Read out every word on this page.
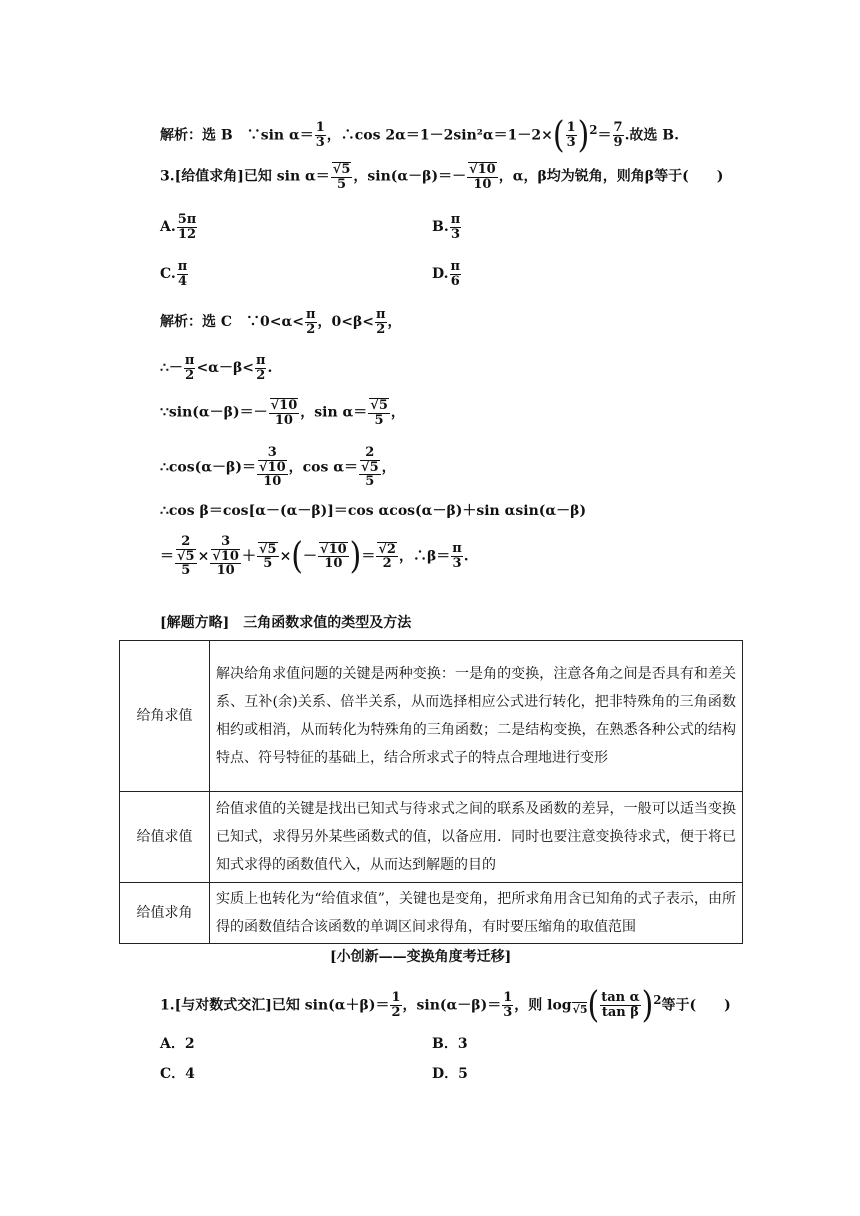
解析：选 B　∵sin $\alpha= \frac{1}{3}$ ，∴cos $2\alpha=1-2\sin^2\alpha=1-2\times( \frac{1}{3} )^2= \frac{7}{9}$ .故选 B.
3.[给值求角]已知 sin α＝ √ $\frac{5}{5}$ ，sin(α－β)＝－ √ $\frac{10}{10}$ ，α，β均为锐角，则角β等于(　　)
A. $\frac{5\pi}{12}$	B. $\frac{\pi}{3}$
C. $\frac{\pi}{4}$	D. $\frac{\pi}{6}$
解析：选 C　∵0<α< $\frac{\pi}{2}$ ，$0<\beta< \frac{\pi}{2}$ ，
∴－ $\frac{\pi}{2} <\alpha-\beta< \frac{\pi}{2}$ .
∵sin(α－β)＝－ √ $\frac{10}{10}$ ，sin α＝ √ $\frac{5}{5}$ ，
∴cos(α－β)＝ 3
√ 10
10 ，cos α＝ 2
√ 5
5 ，
∴cos β＝cos[α－(α－β)]＝cos αcos(α－β)＋sin αsin(α－β)
＝ 2
√ 5
5 × 3
√ 10
10 ＋ √ $\frac{5}{5}$ ×(－ √ $\frac{10}{10}$ )＝ √ $\frac{2}{2}$ ，∴β＝ $\frac{\pi}{3}$ .
[解题方略]　三角函数求值的类型及方法
给角求值	解决给角求值问题的关键是两种变换：一是角的变换，注意各角之间是否具有和差关系、互补(余)关系、倍半关系，从而选择相应公式进行转化，把非特殊角的三角函数相约或相消，从而转化为特殊角的三角函数；二是结构变换，在熟悉各种公式的结构特点、符号特征的基础上，结合所求式子的特点合理地进行变形
给值求值	给值求值的关键是找出已知式与待求式之间的联系及函数的差异，一般可以适当变换已知式，求得另外某些函数式的值，以备应用．同时也要注意变换待求式，便于将已知式求得的函数值代入，从而达到解题的目的
给值求角	实质上也转化为“给值求值”，关键也是变角，把所求角用含已知角的式子表示，由所得的函数值结合该函数的单调区间求得角，有时要压缩角的取值范围
[小创新——变换角度考迁移]
1.[与对数式交汇]已知 $\sin(\alpha+\beta)= \frac{1}{2}$ ，$\sin(\alpha-\beta)= \frac{1}{3}$ ，则 log √ $_5( \frac{\text{tan α}}{\text{tan β}} )^2$等于(　　)
A．2	B．3
C．4	D．5
